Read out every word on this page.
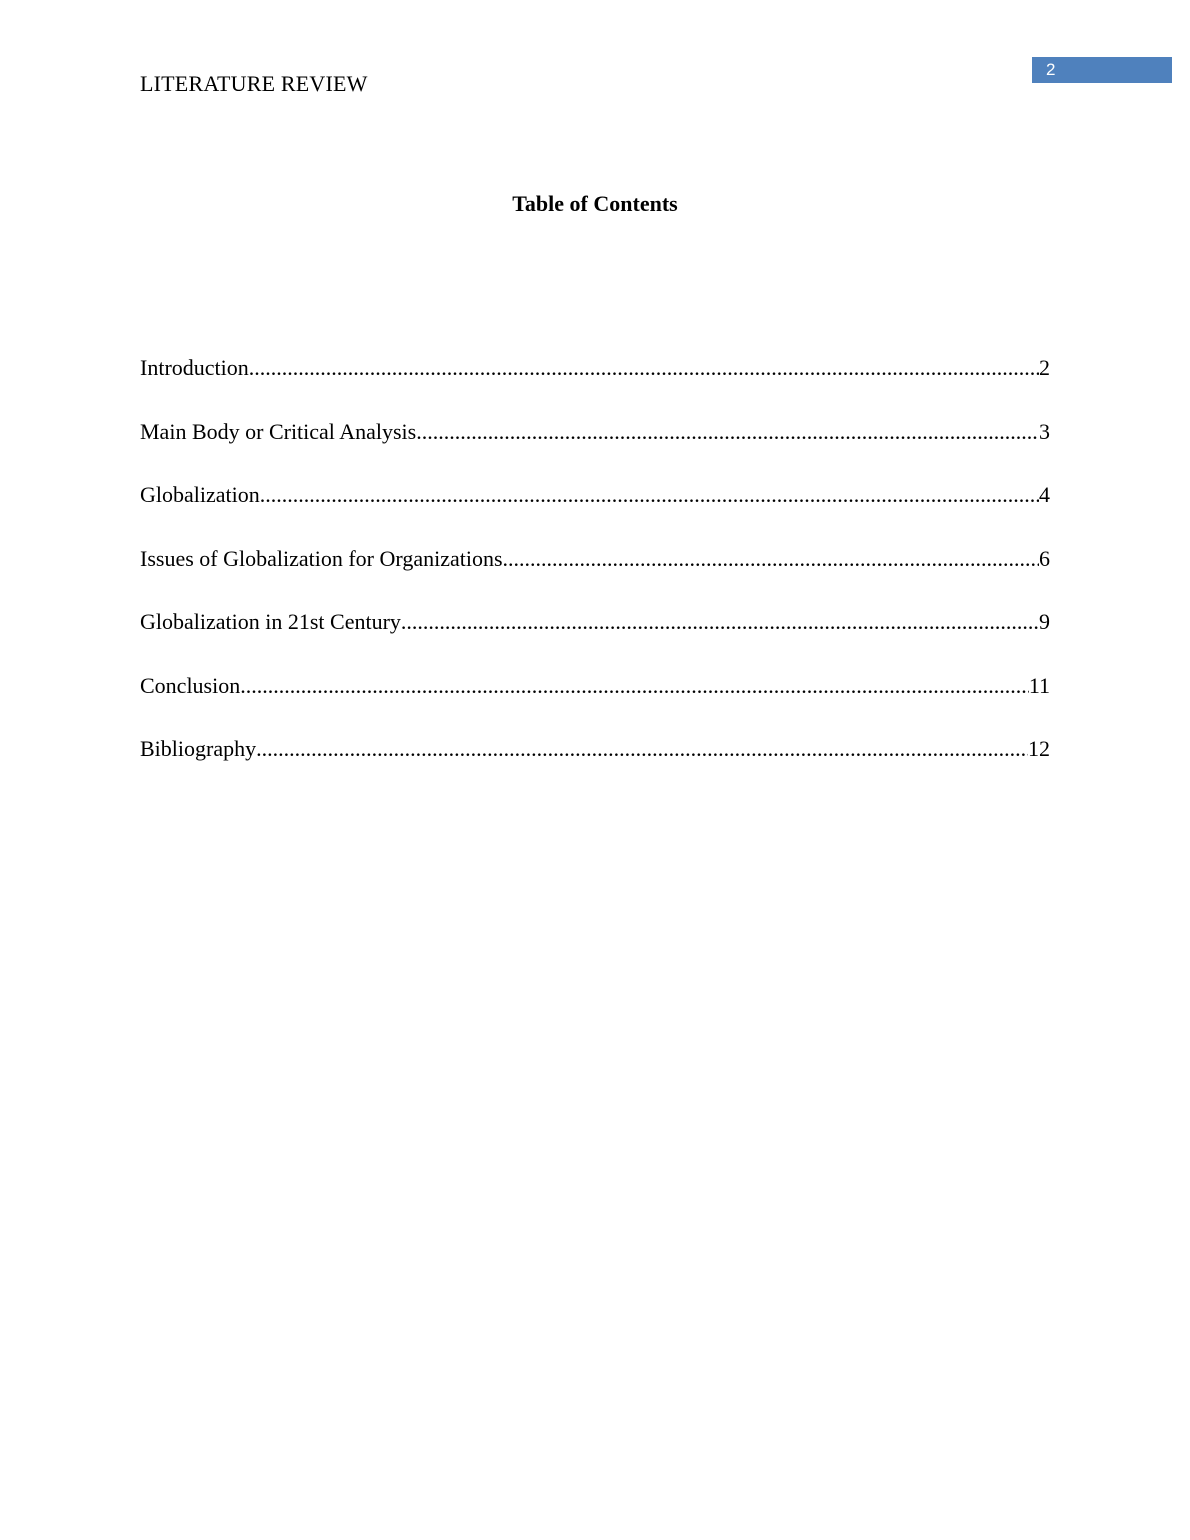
2
LITERATURE REVIEW
Table of Contents
Introduction .....	2
Main Body or Critical Analysis .....	3
Globalization .....	4
Issues of Globalization for Organizations .....	6
Globalization in 21st Century .....	9
Conclusion .....	11
Bibliography .....	12
